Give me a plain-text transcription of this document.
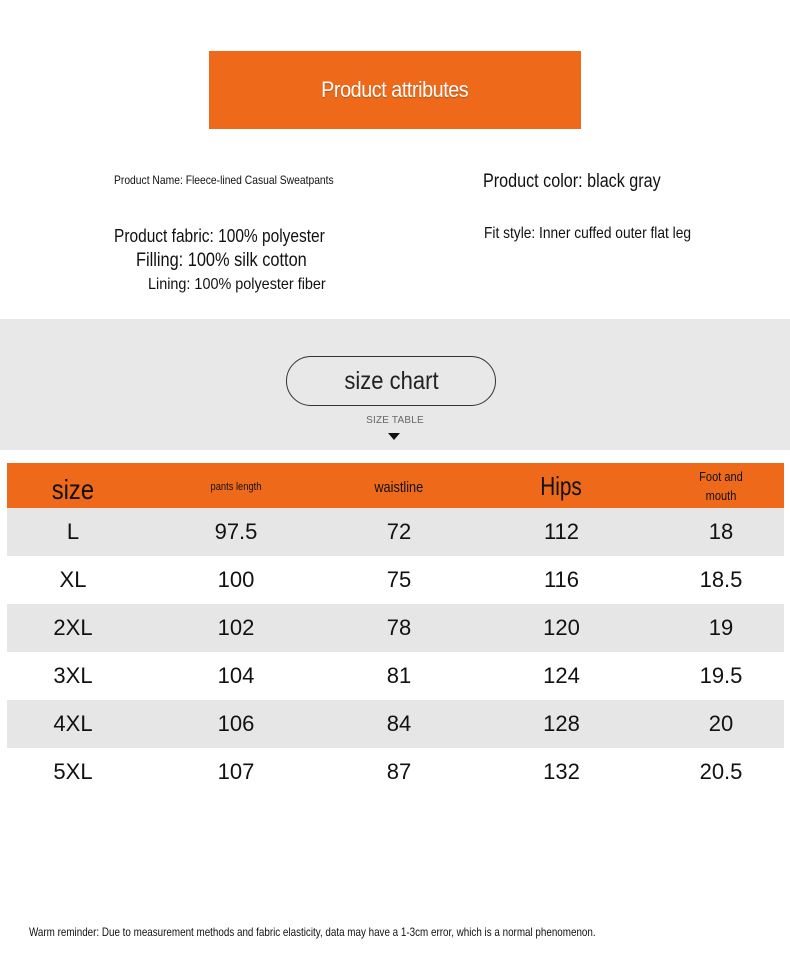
Product attributes
Product Name: Fleece-lined Casual Sweatpants	Product color: black gray
Product fabric: 100% polyester	Fit style: Inner cuffed outer flat leg
Filling: 100% silk cotton
Lining: 100% polyester fiber
size chart
SIZE TABLE
size	pants length	waistline	Hips	Foot and mouth
L	97.5	72	112	18
XL	100	75	116	18.5
2XL	102	78	120	19
3XL	104	81	124	19.5
4XL	106	84	128	20
5XL	107	87	132	20.5
Warm reminder: Due to measurement methods and fabric elasticity, data may have a 1-3cm error, which is a normal phenomenon.
